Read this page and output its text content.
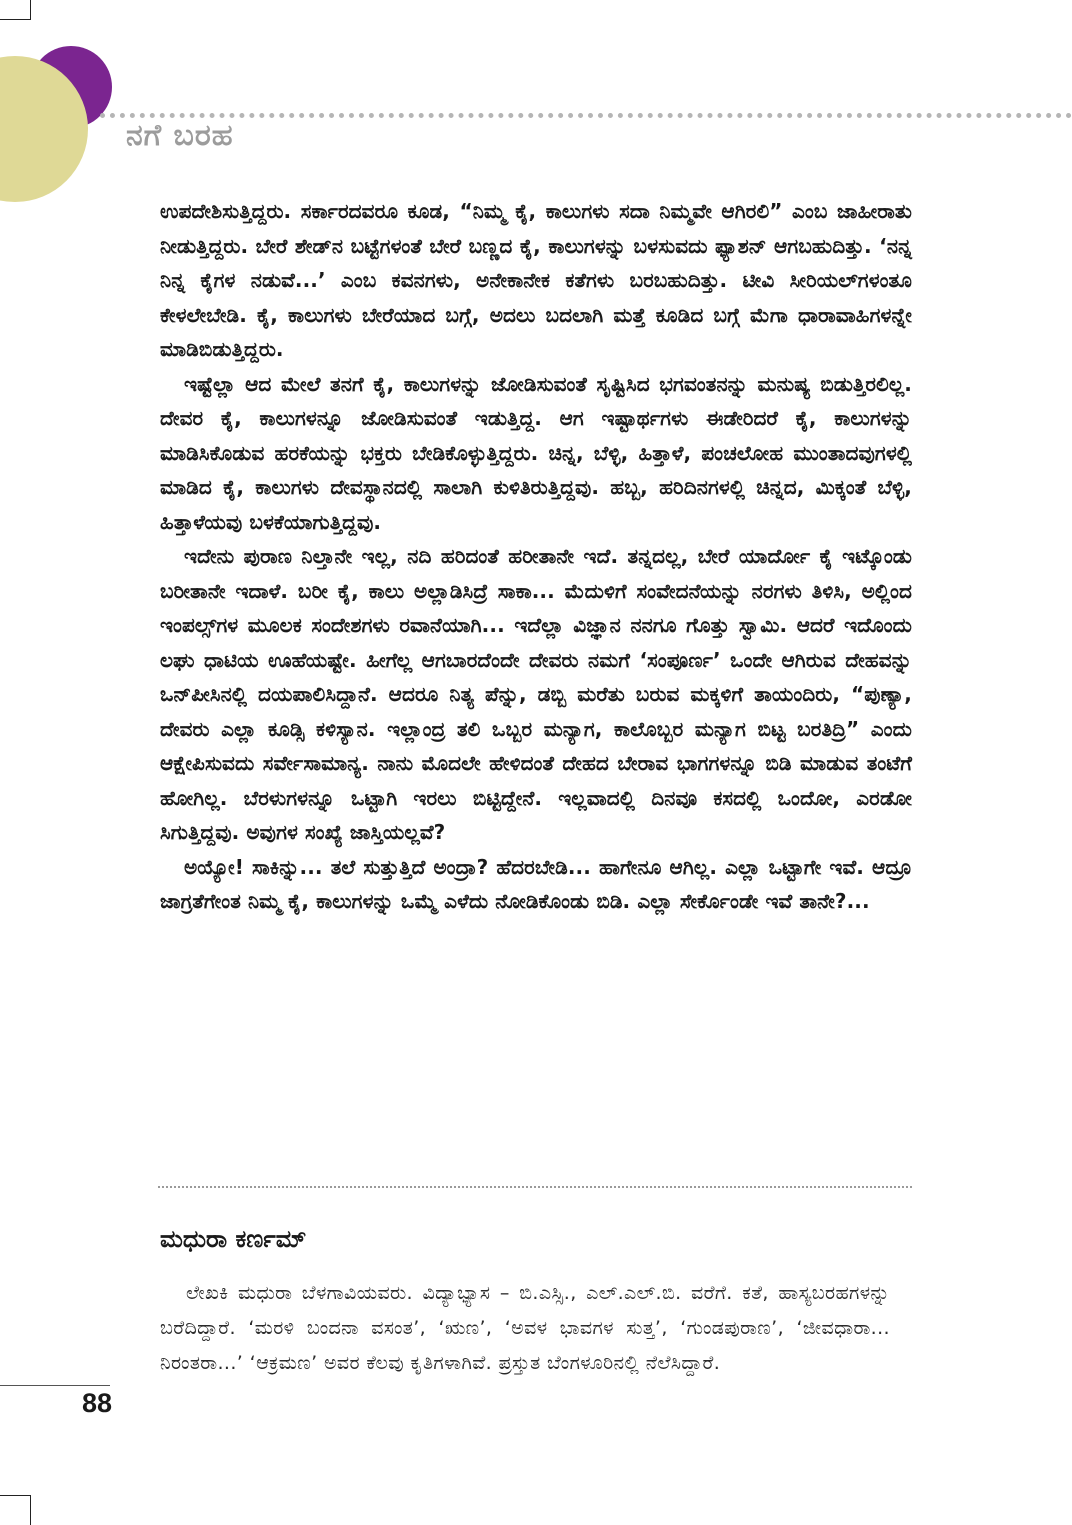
ನಗೆ ಬರಹ

ಉಪದೇಶಿಸುತ್ತಿದ್ದರು. ಸರ್ಕಾರದವರೂ ಕೂಡ, “ನಿಮ್ಮ ಕೈ, ಕಾಲುಗಳು ಸದಾ ನಿಮ್ಮವೇ ಆಗಿರಲಿ” ಎಂಬ ಜಾಹೀರಾತು ನೀಡುತ್ತಿದ್ದರು. ಬೇರೆ ಶೇಡ್‌ನ ಬಟ್ಟೆಗಳಂತೆ ಬೇರೆ ಬಣ್ಣದ ಕೈ, ಕಾಲುಗಳನ್ನು ಬಳಸುವದು ಫ್ಯಾಶನ್ ಆಗಬಹುದಿತ್ತು. ‘ನನ್ನ ನಿನ್ನ ಕೈಗಳ ನಡುವೆ...’ ಎಂಬ ಕವನಗಳು, ಅನೇಕಾನೇಕ ಕತೆಗಳು ಬರಬಹುದಿತ್ತು. ಟೀವಿ ಸೀರಿಯಲ್‌ಗಳಂತೂ ಕೇಳಲೇಬೇಡಿ. ಕೈ, ಕಾಲುಗಳು ಬೇರೆಯಾದ ಬಗ್ಗೆ, ಅದಲು ಬದಲಾಗಿ ಮತ್ತೆ ಕೂಡಿದ ಬಗ್ಗೆ ಮೆಗಾ ಧಾರಾವಾಹಿಗಳನ್ನೇ ಮಾಡಿಬಿಡುತ್ತಿದ್ದರು.

ಇಷ್ಟೆಲ್ಲಾ ಆದ ಮೇಲೆ ತನಗೆ ಕೈ, ಕಾಲುಗಳನ್ನು ಜೋಡಿಸುವಂತೆ ಸೃಷ್ಟಿಸಿದ ಭಗವಂತನನ್ನು ಮನುಷ್ಯ ಬಿಡುತ್ತಿರಲಿಲ್ಲ. ದೇವರ ಕೈ, ಕಾಲುಗಳನ್ನೂ ಜೋಡಿಸುವಂತೆ ಇಡುತ್ತಿದ್ದ. ಆಗ ಇಷ್ಟಾರ್ಥಗಳು ಈಡೇರಿದರೆ ಕೈ, ಕಾಲುಗಳನ್ನು ಮಾಡಿಸಿಕೊಡುವ ಹರಕೆಯನ್ನು ಭಕ್ತರು ಬೇಡಿಕೊಳ್ಳುತ್ತಿದ್ದರು. ಚಿನ್ನ, ಬೆಳ್ಳಿ, ಹಿತ್ತಾಳೆ, ಪಂಚಲೋಹ ಮುಂತಾದವುಗಳಲ್ಲಿ ಮಾಡಿದ ಕೈ, ಕಾಲುಗಳು ದೇವಸ್ಥಾನದಲ್ಲಿ ಸಾಲಾಗಿ ಕುಳಿತಿರುತ್ತಿದ್ದವು. ಹಬ್ಬ, ಹರಿದಿನಗಳಲ್ಲಿ ಚಿನ್ನದ, ಮಿಕ್ಕಂತೆ ಬೆಳ್ಳಿ, ಹಿತ್ತಾಳೆಯವು ಬಳಕೆಯಾಗುತ್ತಿದ್ದವು.

ಇದೇನು ಪುರಾಣ ನಿಲ್ತಾನೇ ಇಲ್ಲ, ನದಿ ಹರಿದಂತೆ ಹರೀತಾನೇ ಇದೆ. ತನ್ನದಲ್ಲ, ಬೇರೆ ಯಾರ್ದೋ ಕೈ ಇಟ್ಕೊಂಡು ಬರೀತಾನೇ ಇದಾಳೆ. ಬರೀ ಕೈ, ಕಾಲು ಅಲ್ಲಾಡಿಸಿದ್ರೆ ಸಾಕಾ... ಮೆದುಳಿಗೆ ಸಂವೇದನೆಯನ್ನು ನರಗಳು ತಿಳಿಸಿ, ಅಲ್ಲಿಂದ ಇಂಪಲ್ಸ್‌ಗಳ ಮೂಲಕ ಸಂದೇಶಗಳು ರವಾನೆಯಾಗಿ... ಇದೆಲ್ಲಾ ವಿಜ್ಞಾನ ನನಗೂ ಗೊತ್ತು ಸ್ವಾಮಿ. ಆದರೆ ಇದೊಂದು ಲಘು ಧಾಟಿಯ ಊಹೆಯಷ್ಟೇ. ಹೀಗೆಲ್ಲ ಆಗಬಾರದೆಂದೇ ದೇವರು ನಮಗೆ ‘ಸಂಪೂರ್ಣ’ ಒಂದೇ ಆಗಿರುವ ದೇಹವನ್ನು ಒನ್‌ಪೀಸಿನಲ್ಲಿ ದಯಪಾಲಿಸಿದ್ದಾನೆ. ಆದರೂ ನಿತ್ಯ ಪೆನ್ನು, ಡಬ್ಬಿ ಮರೆತು ಬರುವ ಮಕ್ಕಳಿಗೆ ತಾಯಂದಿರು, “ಪುಣ್ಯಾ, ದೇವರು ಎಲ್ಲಾ ಕೂಡ್ಸಿ ಕಳಿಸ್ಯಾನ. ಇಲ್ಲಾಂದ್ರ ತಲಿ ಒಬ್ಬರ ಮನ್ಯಾಗ, ಕಾಲೊಬ್ಬರ ಮನ್ಯಾಗ ಬಿಟ್ಟ ಬರತಿದ್ರಿ” ಎಂದು ಆಕ್ಷೇಪಿಸುವದು ಸರ್ವೇಸಾಮಾನ್ಯ. ನಾನು ಮೊದಲೇ ಹೇಳಿದಂತೆ ದೇಹದ ಬೇರಾವ ಭಾಗಗಳನ್ನೂ ಬಿಡಿ ಮಾಡುವ ತಂಟೆಗೆ ಹೋಗಿಲ್ಲ. ಬೆರಳುಗಳನ್ನೂ ಒಟ್ಟಾಗಿ ಇರಲು ಬಿಟ್ಟಿದ್ದೇನೆ. ಇಲ್ಲವಾದಲ್ಲಿ ದಿನವೂ ಕಸದಲ್ಲಿ ಒಂದೋ, ಎರಡೋ ಸಿಗುತ್ತಿದ್ದವು. ಅವುಗಳ ಸಂಖ್ಯೆ ಜಾಸ್ತಿಯಲ್ಲವೆ?

ಅಯ್ಯೋ! ಸಾಕಿನ್ನು... ತಲೆ ಸುತ್ತುತ್ತಿದೆ ಅಂದ್ರಾ? ಹೆದರಬೇಡಿ... ಹಾಗೇನೂ ಆಗಿಲ್ಲ. ಎಲ್ಲಾ ಒಟ್ಟಾಗೇ ಇವೆ. ಆದ್ರೂ ಜಾಗ್ರತೆಗೇಂತ ನಿಮ್ಮ ಕೈ, ಕಾಲುಗಳನ್ನು ಒಮ್ಮೆ ಎಳೆದು ನೋಡಿಕೊಂಡು ಬಿಡಿ. ಎಲ್ಲಾ ಸೇರ್ಕೊಂಡೇ ಇವೆ ತಾನೇ?...

ಮಧುರಾ ಕರ್ಣಮ್

ಲೇಖಕಿ ಮಧುರಾ ಬೆಳಗಾವಿಯವರು. ವಿದ್ಯಾಭ್ಯಾಸ – ಬಿ.ಎಸ್ಸಿ., ಎಲ್.ಎಲ್.ಬಿ. ವರೆಗೆ. ಕತೆ, ಹಾಸ್ಯಬರಹಗಳನ್ನು ಬರೆದಿದ್ದಾರೆ. ‘ಮರಳಿ ಬಂದನಾ ವಸಂತ’, ‘ಋಣ’, ‘ಅವಳ ಭಾವಗಳ ಸುತ್ತ’, ‘ಗುಂಡಪುರಾಣ’, ‘ಜೀವಧಾರಾ... ನಿರಂತರಾ...’ ‘ಆಕ್ರಮಣ’ ಅವರ ಕೆಲವು ಕೃತಿಗಳಾಗಿವೆ. ಪ್ರಸ್ತುತ ಬೆಂಗಳೂರಿನಲ್ಲಿ ನೆಲೆಸಿದ್ದಾರೆ.

88
